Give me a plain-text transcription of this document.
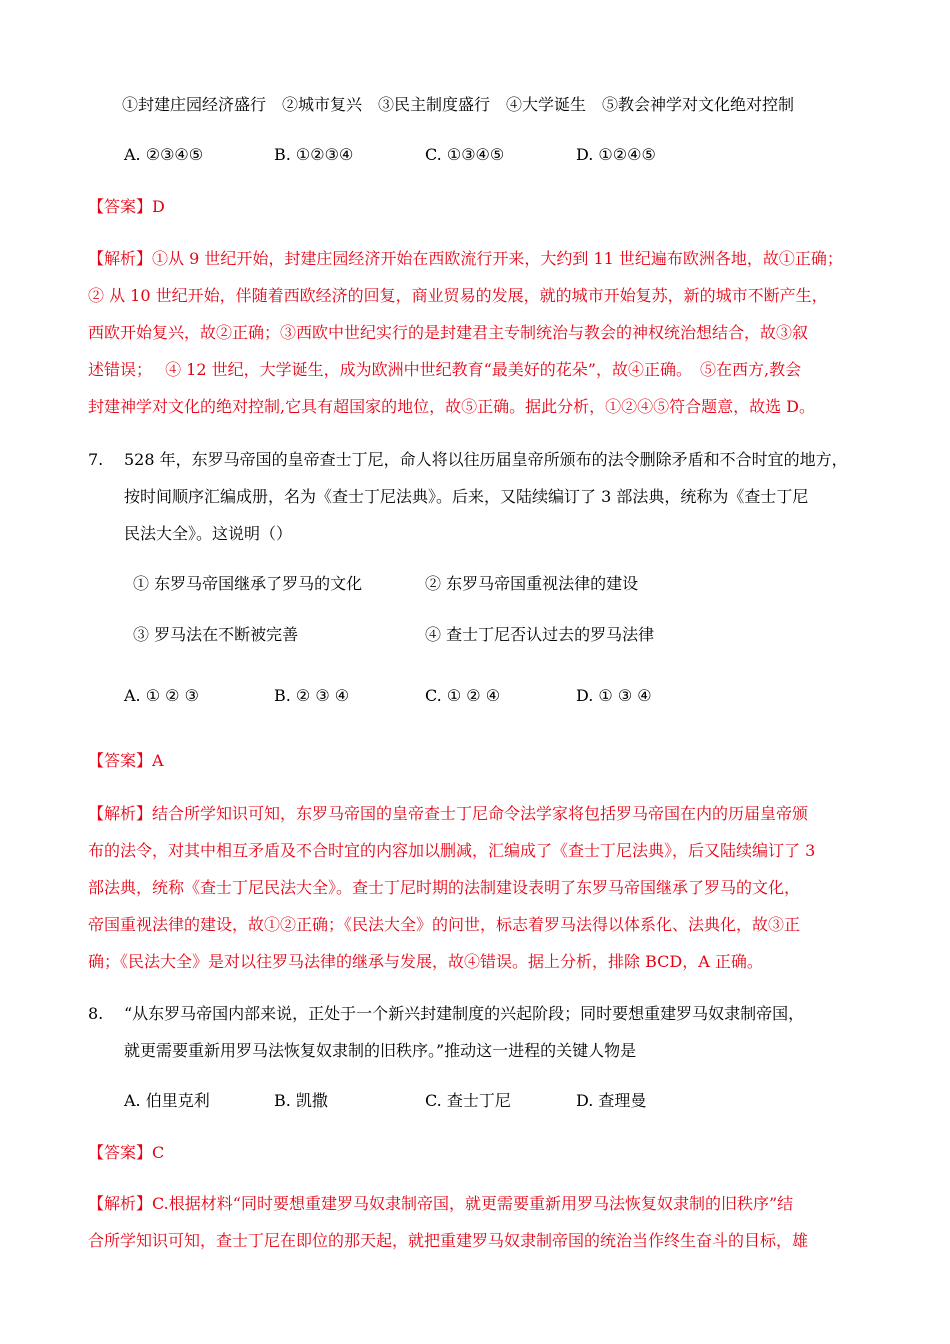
①封建庄园经济盛行　②城市复兴　③民主制度盛行　④大学诞生　⑤教会神学对文化绝对控制
A. ②③④⑤	B. ①②③④	C. ①③④⑤	D. ①②④⑤
【答案】D
【解析】①从 9 世纪开始，封建庄园经济开始在西欧流行开来，大约到 11 世纪遍布欧洲各地，故①正确；
② 从 10 世纪开始，伴随着西欧经济的回复，商业贸易的发展，就的城市开始复苏，新的城市不断产生，
西欧开始复兴，故②正确；③西欧中世纪实行的是封建君主专制统治与教会的神权统治想结合，故③叙
述错误；　 ④ 12 世纪，大学诞生，成为欧洲中世纪教育“最美好的花朵”，故④正确。　⑤在西方,教会
封建神学对文化的绝对控制,它具有超国家的地位，故⑤正确。据此分析，①②④⑤符合题意，故选 D。
7. 528 年，东罗马帝国的皇帝查士丁尼，命人将以往历届皇帝所颁布的法令删除矛盾和不合时宜的地方，
按时间顺序汇编成册，名为《查士丁尼法典》。后来，又陆续编订了 3 部法典，统称为《查士丁尼
民法大全》。这说明（）
① 东罗马帝国继承了罗马的文化	② 东罗马帝国重视法律的建设
③ 罗马法在不断被完善	④ 查士丁尼否认过去的罗马法律
A. ① ② ③	B. ② ③ ④	C. ① ② ④	D. ① ③ ④
【答案】A
【解析】结合所学知识可知，东罗马帝国的皇帝查士丁尼命令法学家将包括罗马帝国在内的历届皇帝颁
布的法令，对其中相互矛盾及不合时宜的内容加以删减，汇编成了《查士丁尼法典》，后又陆续编订了 3
部法典，统称《查士丁尼民法大全》。查士丁尼时期的法制建设表明了东罗马帝国继承了罗马的文化，
帝国重视法律的建设，故①②正确；《民法大全》的问世，标志着罗马法得以体系化、法典化，故③正
确；《民法大全》是对以往罗马法律的继承与发展，故④错误。据上分析，排除 BCD，A 正确。
8. “从东罗马帝国内部来说，正处于一个新兴封建制度的兴起阶段；同时要想重建罗马奴隶制帝国，
就更需要重新用罗马法恢复奴隶制的旧秩序。”推动这一进程的关键人物是
A. 伯里克利	B. 凯撒	C. 查士丁尼	D. 查理曼
【答案】C
【解析】C.根据材料“同时要想重建罗马奴隶制帝国，就更需要重新用罗马法恢复奴隶制的旧秩序”结
合所学知识可知，查士丁尼在即位的那天起，就把重建罗马奴隶制帝国的统治当作终生奋斗的目标，雄
